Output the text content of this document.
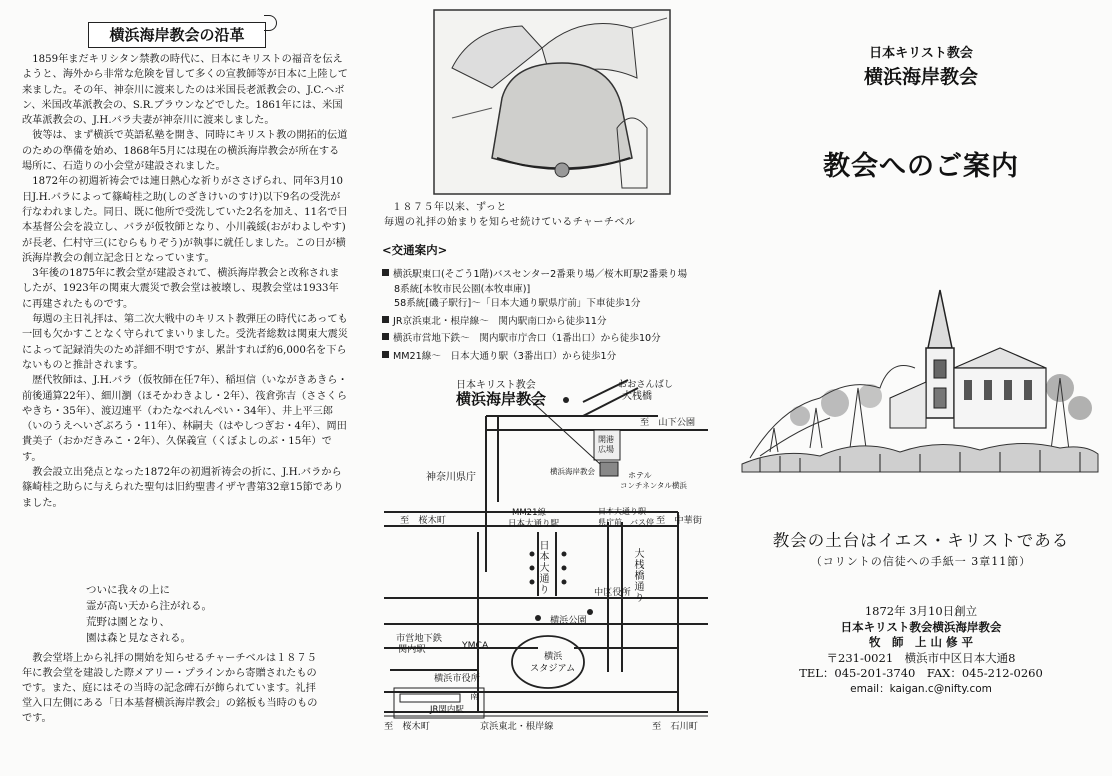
横浜海岸教会の沿革

1859年まだキリシタン禁教の時代に、日本にキリストの福音を伝えようと、海外から非常な危険を冒して多くの宣教師等が日本に上陸して来ました。その年、神奈川に渡来したのは米国長老派教会の、J.C.ヘボン、米国改革派教会の、S.R.ブラウンなどでした。1861年には、米国改革派教会の、J.H.バラ夫妻が神奈川に渡来しました。

彼等は、まず横浜で英語私塾を開き、同時にキリスト教の開拓的伝道のための準備を始め、1868年5月には現在の横浜海岸教会が所在する場所に、石造りの小会堂が建設されました。

1872年の初週祈祷会では連日熱心な祈りがささげられ、同年3月10日J.H.バラによって篠崎桂之助(しのざきけいのすけ)以下9名の受洗が行なわれました。同日、既に他所で受洗していた2名を加え、11名で日本基督公会を設立し、バラが仮牧師となり、小川義綏(おがわよしやす)が長老、仁村守三(にむらもりぞう)が執事に就任しました。この日が横浜海岸教会の創立記念日となっています。

3年後の1875年に教会堂が建設されて、横浜海岸教会と改称されましたが、1923年の関東大震災で教会堂は被壊し、現教会堂は1933年に再建されたものです。

毎週の主日礼拝は、第二次大戦中のキリスト教弾圧の時代にあっても一回も欠かすことなく守られてまいりました。受洗者総数は関東大震災によって記録消失のため詳細不明ですが、累計すれば約6,000名を下らないものと推計されます。

歴代牧師は、J.H.バラ（仮牧師在任7年）、稲垣信（いながきあきら・前後通算22年）、細川瀏（ほそかわきよし・2年）、筏倉弥吉（ささくらやきち・35年）、渡辺連平（わたなべれんぺい・34年）、井上平三郎（いのうえへいざぶろう・11年）、林嗣夫（はやしつぎお・4年）、岡田貴美子（おかだきみこ・2年）、久保義宣（くぼよしのぶ・15年）です。

教会設立出発点となった1872年の初週祈祷会の折に、J.H.バラから篠崎桂之助らに与えられた聖句は旧約聖書イザヤ書第32章15節でありました。

ついに我々の上に
霊が高い天から注がれる。
荒野は園となり、
園は森と見なされる。

教会堂塔上から礼拝の開始を知らせるチャーチベルは１８７５年に教会堂を建設した際メアリー・プラインから寄贈されたものです。また、庭にはその当時の記念碑石が飾られています。礼拝堂入口左側にある「日本基督横浜海岸教会」の銘板も当時のものです。

１８７５年以来、ずっと
毎週の礼拝の始まりを知らせ続けているチャーチベル
<交通案内>
横浜駅東口(そごう1階)バスセンター2番乗り場／桜木町駅2番乗り場
8系統[本牧市民公園(本牧車庫)]
58系統[磯子駅行]～「日本大通り駅県庁前」下車徒歩1分
JR京浜東北・根岸線～　関内駅南口から徒歩11分
横浜市営地下鉄～　関内駅市庁舎口（1番出口）から徒歩10分
MM21線～　日本大通り駅（3番出口）から徒歩1分
日本キリスト教会
横浜海岸教会
おおさんばし
大桟橋
至　山下公園
開港
広場
神奈川県庁	ホテル
コンチネンタル横浜
横浜海岸教会
至　桜木町	至　中華街
MM21線
日本大通り駅
日本大通り駅
県庁前　バス停
日本大通り	大桟橋通り
中区役所
横浜公園
市営地下鉄
関内駅	YMCA
横浜
スタジアム
横浜市役所
南
JR関内駅
至　桜木町	京浜東北・根岸線	至　石川町
日本キリスト教会
横浜海岸教会
教会へのご案内
教会の土台はイエス・キリストである
（コリントの信徒への手紙一 3章11節）
1872年 3月10日創立
日本キリスト教会横浜海岸教会
牧　師　上 山 修 平
〒231-0021　横浜市中区日本大通8
TEL：045-201-3740　FAX：045-212-0260
email：kaigan.c@nifty.com
